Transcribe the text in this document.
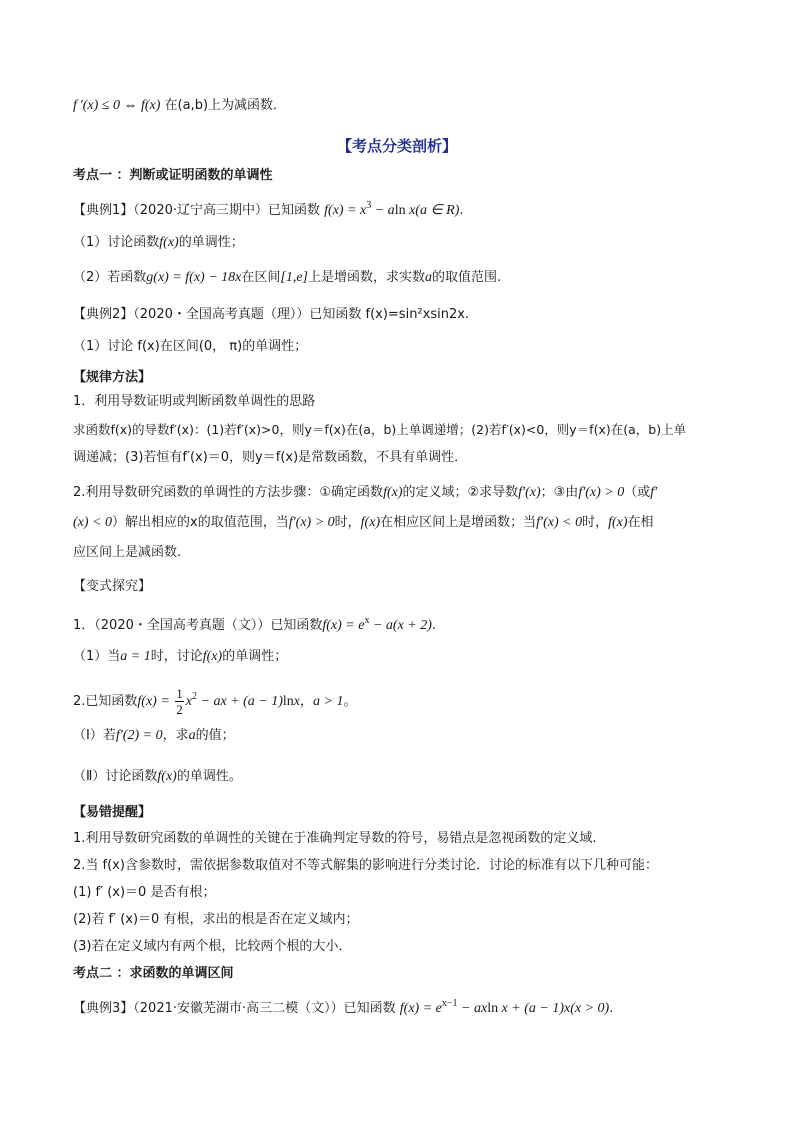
f ′(x) ≤ 0 ⇔ f(x) 在(a,b)上为减函数．
【考点分类剖析】
考点一 ：判断或证明函数的单调性
【典例1】（2020·辽宁高三期中）已知函数 $f(x) = x^3 - aln$ x(a ∈ R).
（1）讨论函数f(x)的单调性；
（2）若函数g(x) = f(x) − 18x在区间[1,e]上是增函数，求实数a的取值范围.
【典例2】（2020・全国高考真题（理））已知函数 f(x)=sin²xsin2x.
（1）讨论 f(x)在区间(0， π)的单调性；
【规律方法】
1．利用导数证明或判断函数单调性的思路
求函数f(x)的导数f′(x)：(1)若f′(x)>0，则y＝f(x)在(a，b)上单调递增；(2)若f′(x)<0，则y＝f(x)在(a，b)上单
调递减；(3)若恒有f′(x)＝0，则y＝f(x)是常数函数，不具有单调性．
2.利用导数研究函数的单调性的方法步骤：①确定函数f(x)的定义域；②求导数f′(x)；③由f′(x) > 0（或f′
(x) < 0）解出相应的x的取值范围，当f′(x) > 0时，f(x)在相应区间上是增函数；当f′(x) < 0时，f(x)在相
应区间上是减函数.
【变式探究】
1．（2020・全国高考真题（文））已知函数$f(x) = e^x - a(x + 2)$.
（1）当a = 1时，讨论f(x)的单调性；
2.已知函数$f(x) = \frac{1}{2} x^2$ − ax + (a − 1)lnx，a > 1。
（Ⅰ）若f′(2) = 0，求a的值；
（Ⅱ）讨论函数f(x)的单调性。
【易错提醒】
1.利用导数研究函数的单调性的关键在于准确判定导数的符号，易错点是忽视函数的定义域.
2.当 f(x)含参数时，需依据参数取值对不等式解集的影响进行分类讨论．讨论的标准有以下几种可能：
(1) f′ (x)＝0 是否有根；
(2)若 f′ (x)＝0 有根，求出的根是否在定义域内；
(3)若在定义域内有两个根，比较两个根的大小．
考点二 ：求函数的单调区间
【典例3】（2021·安徽芜湖市·高三二模（文））已知函数 $f(x) = e^{x-1} - axln$ x + (a − 1)x(x > 0).
